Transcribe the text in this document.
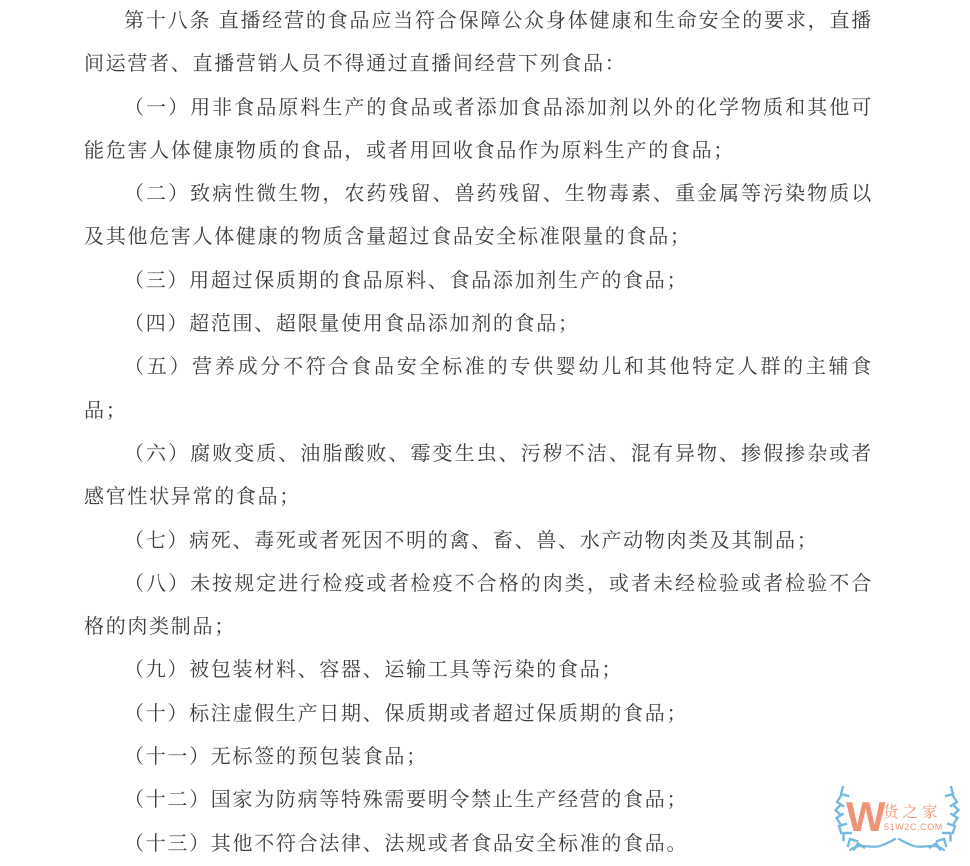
第十八条 直播经营的食品应当符合保障公众身体健康和生命安全的要求，直播间运营者、直播营销人员不得通过直播间经营下列食品：

（一）用非食品原料生产的食品或者添加食品添加剂以外的化学物质和其他可能危害人体健康物质的食品，或者用回收食品作为原料生产的食品；

（二）致病性微生物，农药残留、兽药残留、生物毒素、重金属等污染物质以及其他危害人体健康的物质含量超过食品安全标准限量的食品；

（三）用超过保质期的食品原料、食品添加剂生产的食品；

（四）超范围、超限量使用食品添加剂的食品；

（五）营养成分不符合食品安全标准的专供婴幼儿和其他特定人群的主辅食品；

（六）腐败变质、油脂酸败、霉变生虫、污秽不洁、混有异物、掺假掺杂或者感官性状异常的食品；

（七）病死、毒死或者死因不明的禽、畜、兽、水产动物肉类及其制品；

（八）未按规定进行检疫或者检疫不合格的肉类，或者未经检验或者检验不合格的肉类制品；

（九）被包装材料、容器、运输工具等污染的食品；

（十）标注虚假生产日期、保质期或者超过保质期的食品；

（十一）无标签的预包装食品；

（十二）国家为防病等特殊需要明令禁止生产经营的食品；

（十三）其他不符合法律、法规或者食品安全标准的食品。

W
货之家
51W2C.COM
